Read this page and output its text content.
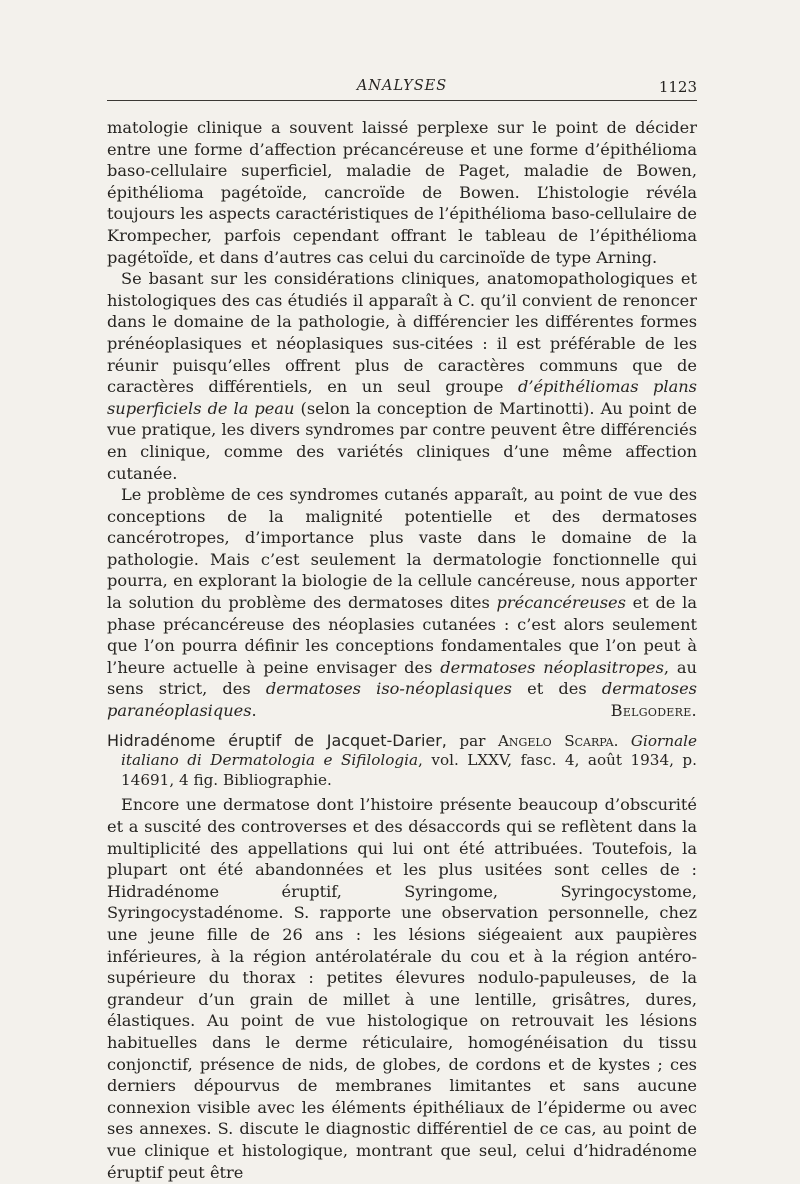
ANALYSES	1123

matologie clinique a souvent laissé perplexe sur le point de décider entre une forme d’affection précancéreuse et une forme d’épithélioma baso-cellulaire superficiel, maladie de Paget, maladie de Bowen, épithélioma pagétoïde, cancroïde de Bowen. L’histologie révéla toujours les aspects caractéristiques de l’épithélioma baso-cellulaire de Krompecher, parfois cependant offrant le tableau de l’épithélioma pagétoïde, et dans d’autres cas celui du carcinoïde de type Arning.

Se basant sur les considérations cliniques, anatomopathologiques et histologiques des cas étudiés il apparaît à C. qu’il convient de renoncer dans le domaine de la pathologie, à différencier les différentes formes prénéoplasiques et néoplasiques sus-citées : il est préférable de les réunir puisqu’elles offrent plus de caractères communs que de caractères différentiels, en un seul groupe d’épithéliomas plans superficiels de la peau (selon la conception de Martinotti). Au point de vue pratique, les divers syndromes par contre peuvent être différenciés en clinique, comme des variétés cliniques d’une même affection cutanée.

Le problème de ces syndromes cutanés apparaît, au point de vue des conceptions de la malignité potentielle et des dermatoses cancérotropes, d’importance plus vaste dans le domaine de la pathologie. Mais c’est seulement la dermatologie fonctionnelle qui pourra, en explorant la biologie de la cellule cancéreuse, nous apporter la solution du problème des dermatoses dites précancéreuses et de la phase précancéreuse des néoplasies cutanées : c’est alors seulement que l’on pourra définir les conceptions fondamentales que l’on peut à l’heure actuelle à peine envisager des dermatoses néoplasitropes, au sens strict, des dermatoses iso-néoplasiques et des dermatoses paranéoplasiques.	Belgodere.

Hidradénome éruptif de Jacquet-Darier, par Angelo Scarpa. Giornale italiano di Dermatologia e Sifilologia, vol. LXXV, fasc. 4, août 1934, p. 14691, 4 fig. Bibliographie.

Encore une dermatose dont l’histoire présente beaucoup d’obscurité et a suscité des controverses et des désaccords qui se reflètent dans la multiplicité des appellations qui lui ont été attribuées. Toutefois, la plupart ont été abandonnées et les plus usitées sont celles de : Hidradénome éruptif, Syringome, Syringocystome, Syringocystadénome. S. rapporte une observation personnelle, chez une jeune fille de 26 ans : les lésions siégeaient aux paupières inférieures, à la région antérolatérale du cou et à la région antéro-supérieure du thorax : petites élevures nodulo-papuleuses, de la grandeur d’un grain de millet à une lentille, grisâtres, dures, élastiques. Au point de vue histologique on retrouvait les lésions habituelles dans le derme réticulaire, homogénéisation du tissu conjonctif, présence de nids, de globes, de cordons et de kystes ; ces derniers dépourvus de membranes limitantes et sans aucune connexion visible avec les éléments épithéliaux de l’épiderme ou avec ses annexes. S. discute le diagnostic différentiel de ce cas, au point de vue clinique et histologique, montrant que seul, celui d’hidradénome éruptif peut être
